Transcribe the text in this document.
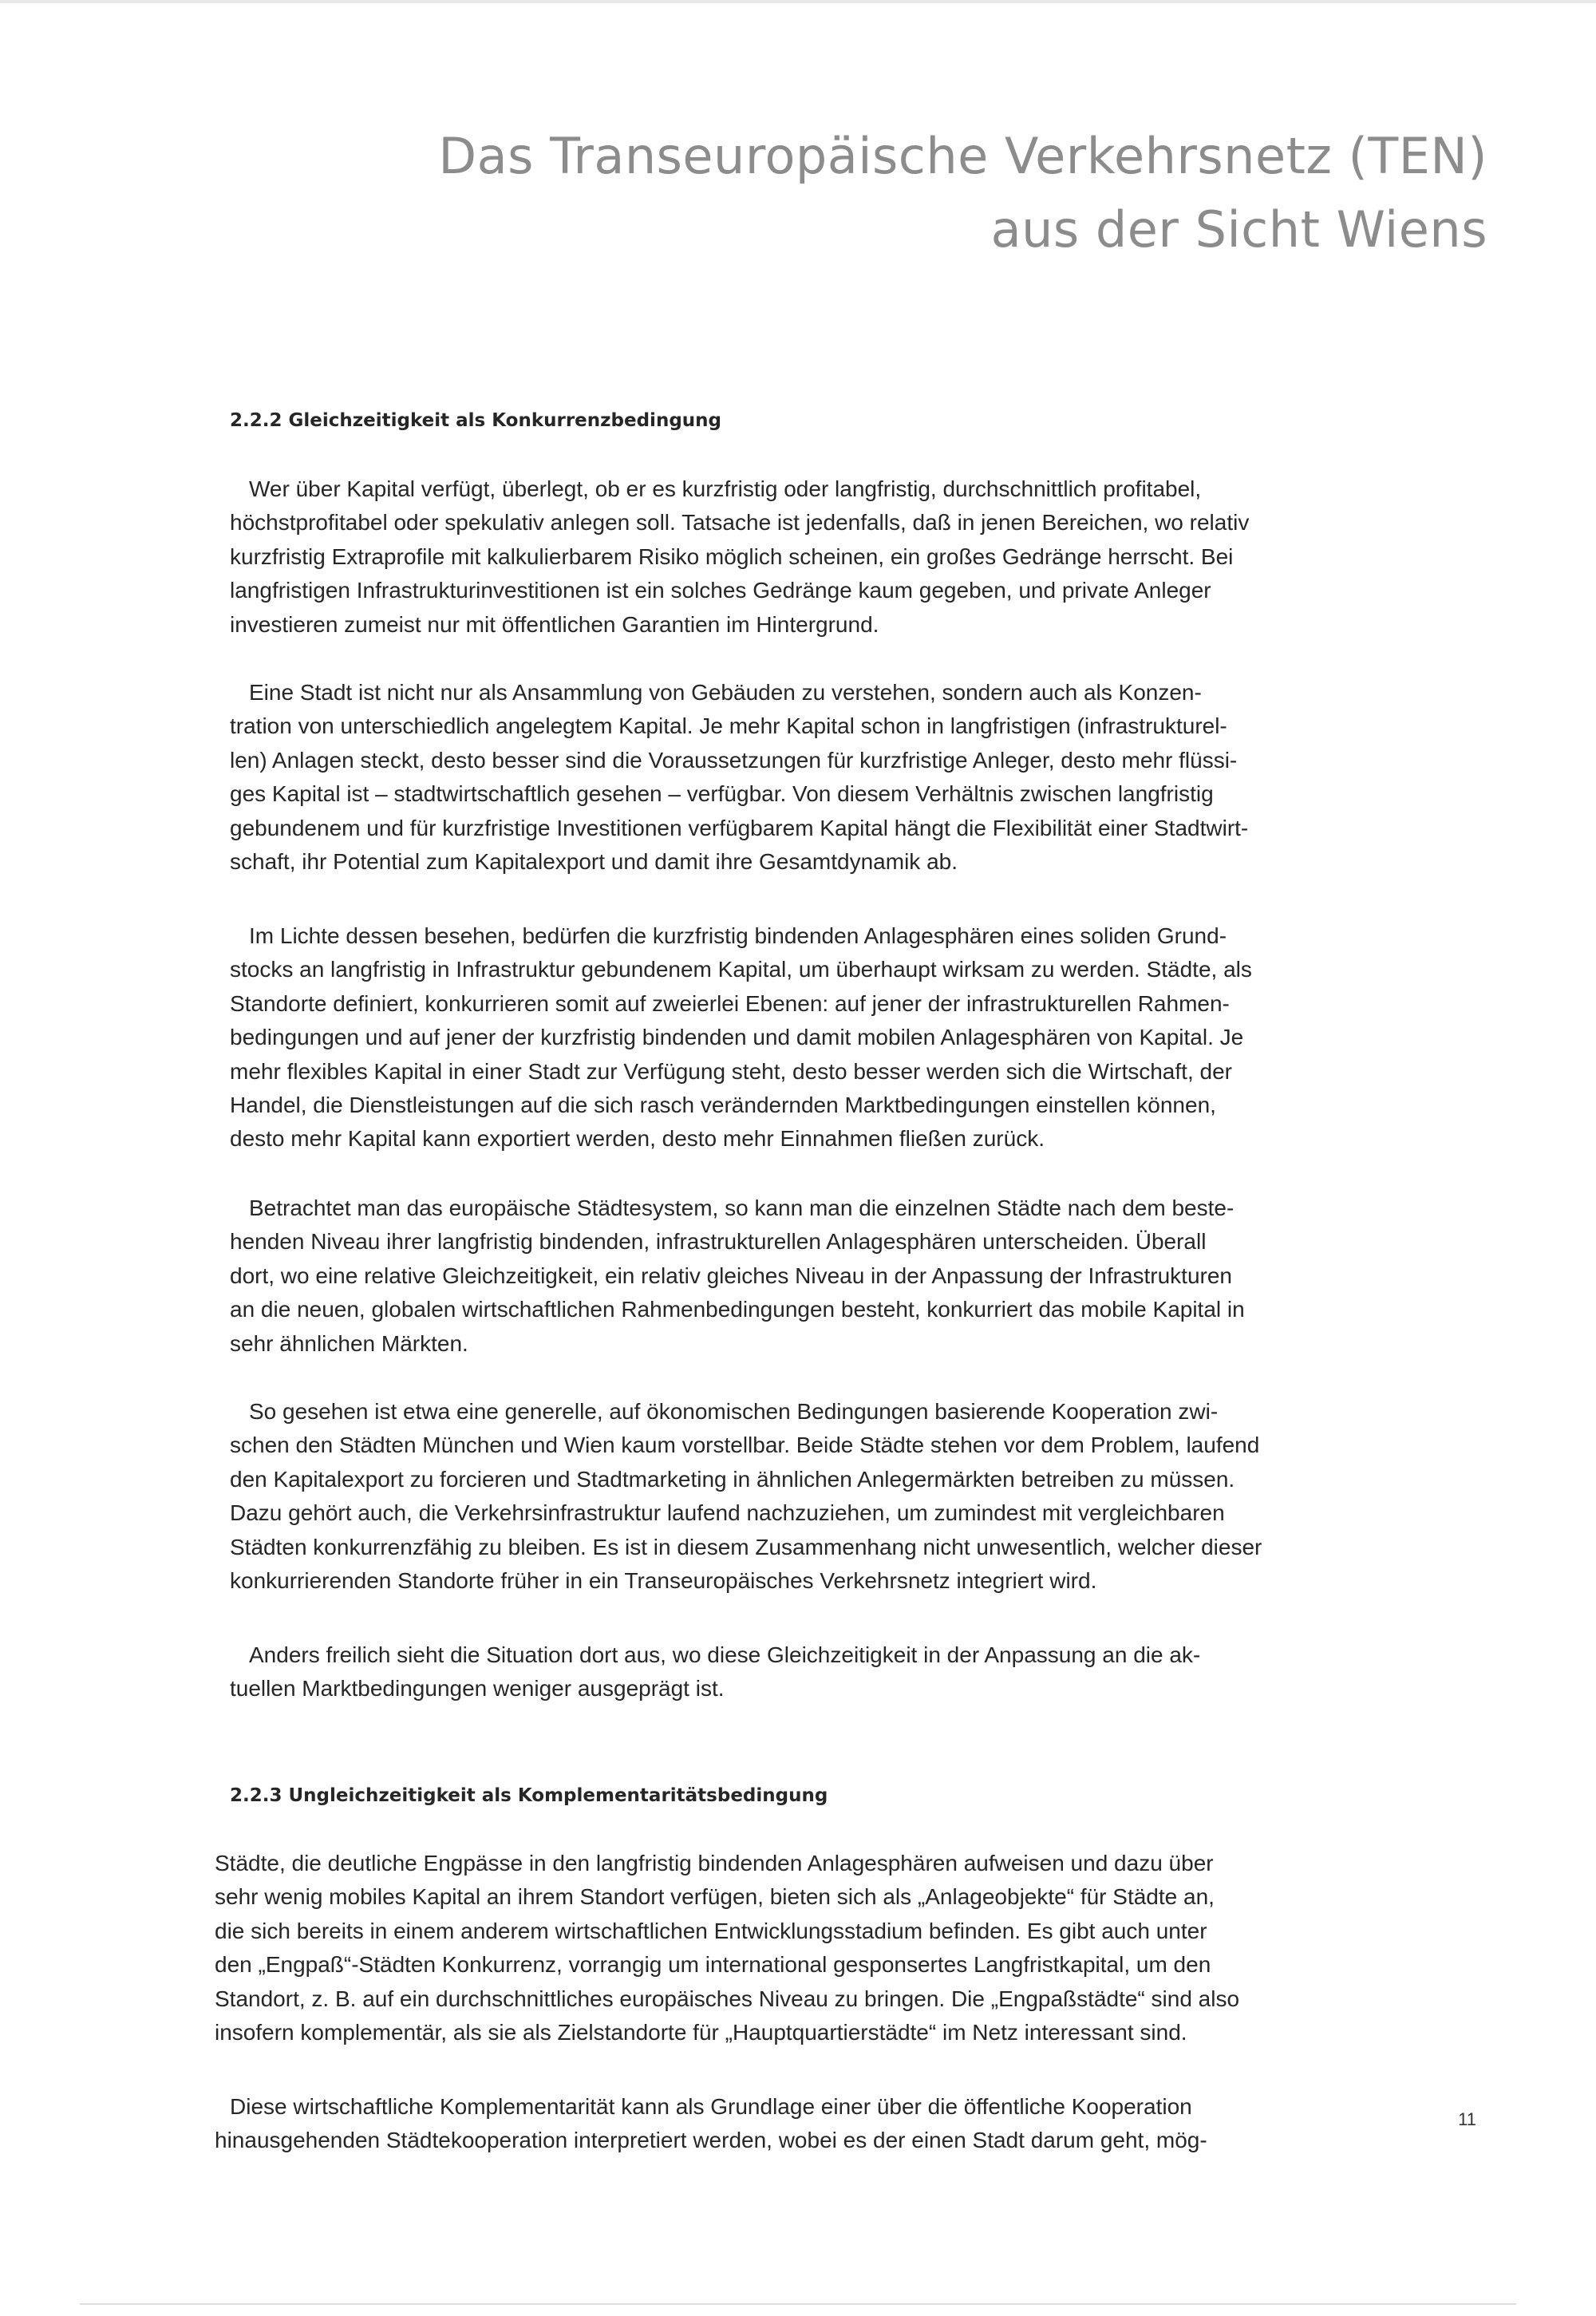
Das Transeuropäische Verkehrsnetz (TEN)
aus der Sicht Wiens
2.2.2 Gleichzeitigkeit als Konkurrenzbedingung

Wer über Kapital verfügt, überlegt, ob er es kurzfristig oder langfristig, durchschnittlich profitabel,
höchstprofitabel oder spekulativ anlegen soll. Tatsache ist jedenfalls, daß in jenen Bereichen, wo relativ
kurzfristig Extraprofile mit kalkulierbarem Risiko möglich scheinen, ein großes Gedränge herrscht. Bei
langfristigen Infrastrukturinvestitionen ist ein solches Gedränge kaum gegeben, und private Anleger
investieren zumeist nur mit öffentlichen Garantien im Hintergrund.

Eine Stadt ist nicht nur als Ansammlung von Gebäuden zu verstehen, sondern auch als Konzen-
tration von unterschiedlich angelegtem Kapital. Je mehr Kapital schon in langfristigen (infrastrukturel-
len) Anlagen steckt, desto besser sind die Voraussetzungen für kurzfristige Anleger, desto mehr flüssi-
ges Kapital ist – stadtwirtschaftlich gesehen – verfügbar. Von diesem Verhältnis zwischen langfristig
gebundenem und für kurzfristige Investitionen verfügbarem Kapital hängt die Flexibilität einer Stadtwirt-
schaft, ihr Potential zum Kapitalexport und damit ihre Gesamtdynamik ab.

Im Lichte dessen besehen, bedürfen die kurzfristig bindenden Anlagesphären eines soliden Grund-
stocks an langfristig in Infrastruktur gebundenem Kapital, um überhaupt wirksam zu werden. Städte, als
Standorte definiert, konkurrieren somit auf zweierlei Ebenen: auf jener der infrastrukturellen Rahmen-
bedingungen und auf jener der kurzfristig bindenden und damit mobilen Anlagesphären von Kapital. Je
mehr flexibles Kapital in einer Stadt zur Verfügung steht, desto besser werden sich die Wirtschaft, der
Handel, die Dienstleistungen auf die sich rasch verändernden Marktbedingungen einstellen können,
desto mehr Kapital kann exportiert werden, desto mehr Einnahmen fließen zurück.

Betrachtet man das europäische Städtesystem, so kann man die einzelnen Städte nach dem beste-
henden Niveau ihrer langfristig bindenden, infrastrukturellen Anlagesphären unterscheiden. Überall
dort, wo eine relative Gleichzeitigkeit, ein relativ gleiches Niveau in der Anpassung der Infrastrukturen
an die neuen, globalen wirtschaftlichen Rahmenbedingungen besteht, konkurriert das mobile Kapital in
sehr ähnlichen Märkten.

So gesehen ist etwa eine generelle, auf ökonomischen Bedingungen basierende Kooperation zwi-
schen den Städten München und Wien kaum vorstellbar. Beide Städte stehen vor dem Problem, laufend
den Kapitalexport zu forcieren und Stadtmarketing in ähnlichen Anlegermärkten betreiben zu müssen.
Dazu gehört auch, die Verkehrsinfrastruktur laufend nachzuziehen, um zumindest mit vergleichbaren
Städten konkurrenzfähig zu bleiben. Es ist in diesem Zusammenhang nicht unwesentlich, welcher dieser
konkurrierenden Standorte früher in ein Transeuropäisches Verkehrsnetz integriert wird.

Anders freilich sieht die Situation dort aus, wo diese Gleichzeitigkeit in der Anpassung an die ak-
tuellen Marktbedingungen weniger ausgeprägt ist.

2.2.3 Ungleichzeitigkeit als Komplementaritätsbedingung

Städte, die deutliche Engpässe in den langfristig bindenden Anlagesphären aufweisen und dazu über
sehr wenig mobiles Kapital an ihrem Standort verfügen, bieten sich als „Anlageobjekte“ für Städte an,
die sich bereits in einem anderem wirtschaftlichen Entwicklungsstadium befinden. Es gibt auch unter
den „Engpaß“-Städten Konkurrenz, vorrangig um international gesponsertes Langfristkapital, um den
Standort, z. B. auf ein durchschnittliches europäisches Niveau zu bringen. Die „Engpaßstädte“ sind also
insofern komplementär, als sie als Zielstandorte für „Hauptquartierstädte“ im Netz interessant sind.

Diese wirtschaftliche Komplementarität kann als Grundlage einer über die öffentliche Kooperation
hinausgehenden Städtekooperation interpretiert werden, wobei es der einen Stadt darum geht, mög-

11
